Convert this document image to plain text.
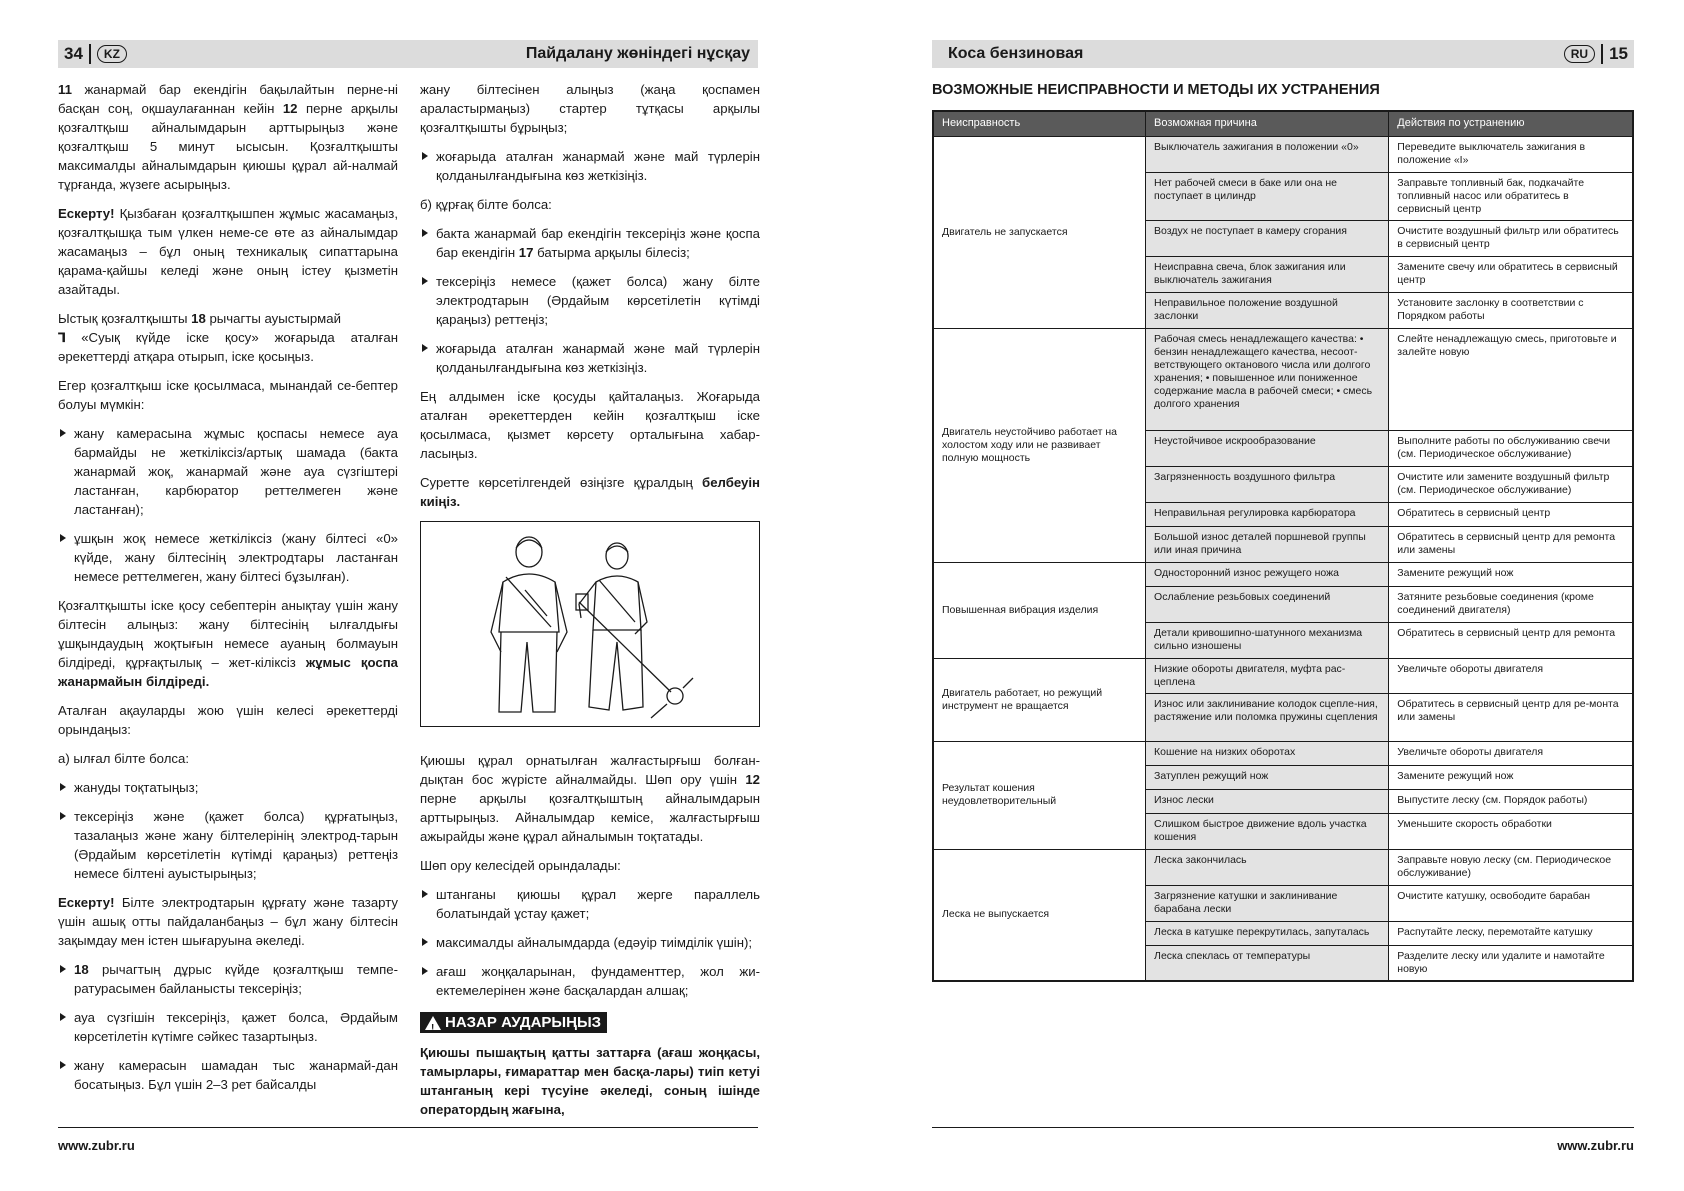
34	KZ	Пайдалану жөніндегі нұсқау

11 жанармай бар екендігін бақылайтын перне-ні басқан соң, оқшаулағаннан кейін 12 перне арқылы қозғалтқыш айналымдарын арттырыңыз және қозғалтқыш 5 минут ысысын. Қозғалтқышты максималды айналымдарын қиюшы құрал ай-налмай тұрғанда, жүзеге асырыңыз.

Ескерту! Қызбаған қозғалтқышпен жұмыс жасамаңыз, қозғалтқышқа тым үлкен неме-се өте аз айналымдар жасамаңыз – бұл оның техникалық сипаттарына қарама-қайшы келеді және оның істеу қызметін азайтады.

Ыстық қозғалтқышты 18 рычагты ауыстырмай
⅂ «Суық күйде іске қосу» жоғарыда аталған әрекеттерді атқара отырып, іске қосыңыз.

Егер қозғалтқыш іске қосылмаса, мынандай се-бептер болуы мүмкін:

жану камерасына жұмыс қоспасы немесе ауа бармайды не жеткіліксіз/артық шамада (бакта жанармай жоқ, жанармай және ауа сүзгіштері ластанған, карбюратор реттелмеген және ластанған);
ұшқын жоқ немесе жеткіліксіз (жану білтесі «0» күйде, жану білтесінің электродтары ластанған немесе реттелмеген, жану білтесі бұзылған).

Қозғалтқышты іске қосу себептерін анықтау үшін жану білтесін алыңыз: жану білтесінің ылғалдығы ұшқындаудың жоқтығын немесе ауаның болмауын білдіреді, құрғақтылық – жет-кіліксіз жұмыс қоспа жанармайын білдіреді.

Аталған ақауларды жою үшін келесі әрекеттерді орындаңыз:

а) ылғал білте болса:

жануды тоқтатыңыз;
тексеріңіз және (қажет болса) құрғатыңыз, тазалаңыз және жану білтелерінің электрод-тарын (Әрдайым көрсетілетін күтімді қараңыз) реттеңіз немесе білтені ауыстырыңыз;

Ескерту! Білте электродтарын құрғату және тазарту үшін ашық отты пайдаланбаңыз – бұл жану білтесін зақымдау мен істен шығаруына әкеледі.

18 рычагтың дұрыс күйде қозғалтқыш темпе-ратурасымен байланысты тексеріңіз;
ауа сүзгішін тексеріңіз, қажет болса, Әрдайым көрсетілетін күтімге сәйкес тазартыңыз.
жану камерасын шамадан тыс жанармай-дан босатыңыз. Бұл үшін 2–3 рет байсалды

жану білтесінен алыңыз (жаңа қоспамен араластырмаңыз) стартер тұтқасы арқылы қозғалтқышты бұрыңыз;

жоғарыда аталған жанармай және май түрлерін қолданылғандығына көз жеткізіңіз.

б) құрғақ білте болса:

бакта жанармай бар екендігін тексеріңіз және қоспа бар екендігін 17 батырма арқылы білесіз;
тексеріңіз немесе (қажет болса) жану білте электродтарын (Әрдайым көрсетілетін күтімді қараңыз) реттеңіз;
жоғарыда аталған жанармай және май түрлерін қолданылғандығына көз жеткізіңіз.

Ең алдымен іске қосуды қайталаңыз. Жоғарыда аталған әрекеттерден кейін қозғалтқыш іске қосылмаса, қызмет көрсету орталығына хабар-ласыңыз.

Суретте көрсетілгендей өзіңізге құралдың белбеуін киіңіз.

Қиюшы құрал орнатылған жалғастырғыш болған-дықтан бос жүрісте айналмайды. Шөп ору үшін 12 перне арқылы қозғалтқыштың айналымдарын арттырыңыз. Айналымдар кемісе, жалғастырғыш ажырайды және құрал айналымын тоқтатады.

Шөп ору келесідей орындалады:

штанганы қиюшы құрал жерге параллель болатындай ұстау қажет;
максималды айналымдарда (едәуір тиімділік үшін);
ағаш жоңқаларынан, фундаменттер, жол жи-ектемелерінен және басқалардан алшақ;
! НАЗАР АУДАРЫҢЫЗ

Қиюшы пышақтың қатты заттарға (ағаш жоңқасы, тамырлары, ғимараттар мен басқа-лары) тиіп кетуі штанганың кері түсуіне әкеледі, соның ішінде оператордың жағына,

www.zubr.ru
Коса бензиновая	RU	15
ВОЗМОЖНЫЕ НЕИСПРАВНОСТИ И МЕТОДЫ ИХ УСТРАНЕНИЯ
Неисправность	Возможная причина	Действия по устранению
Двигатель не запускается	Выключатель зажигания в положении «0»	Переведите выключатель зажигания в положение «I»
	Нет рабочей смеси в баке или она не поступает в цилиндр	Заправьте топливный бак, подкачайте топливный насос или обратитесь в сервисный центр
	Воздух не поступает в камеру сгорания	Очистите воздушный фильтр или обратитесь в сервисный центр
	Неисправна свеча, блок зажигания или выключатель зажигания	Замените свечу или обратитесь в сервисный центр
	Неправильное положение воздушной заслонки	Установите заслонку в соответствии с Порядком работы
Двигатель неустойчиво работает на холостом ходу или не развивает полную мощность	Рабочая смесь ненадлежащего качества: • бензин ненадлежащего качества, несоот-ветствующего октанового числа или долгого хранения; • повышенное или пониженное содержание масла в рабочей смеси; • смесь долгого хранения	Слейте ненадлежащую смесь, приготовьте и залейте новую
	Неустойчивое искрообразование	Выполните работы по обслуживанию свечи (см. Периодическое обслуживание)
	Загрязненность воздушного фильтра	Очистите или замените воздушный фильтр (см. Периодическое обслуживание)
	Неправильная регулировка карбюратора	Обратитесь в сервисный центр
	Большой износ деталей поршневой группы или иная причина	Обратитесь в сервисный центр для ремонта или замены
Повышенная вибрация изделия	Односторонний износ режущего ножа	Замените режущий нож
	Ослабление резьбовых соединений	Затяните резьбовые соединения (кроме соединений двигателя)
	Детали кривошипно-шатунного механизма сильно изношены	Обратитесь в сервисный центр для ремонта
Двигатель работает, но режущий инструмент не вращается	Низкие обороты двигателя, муфта рас-цеплена	Увеличьте обороты двигателя
	Износ или заклинивание колодок сцепле-ния, растяжение или поломка пружины сцепления	Обратитесь в сервисный центр для ре-монта или замены
Результат кошения неудовлетворительный	Кошение на низких оборотах	Увеличьте обороты двигателя
	Затуплен режущий нож	Замените режущий нож
	Износ лески	Выпустите леску (см. Порядок работы)
	Слишком быстрое движение вдоль участка кошения	Уменьшите скорость обработки
Леска не выпускается	Леска закончилась	Заправьте новую леску (см. Периодическое обслуживание)
	Загрязнение катушки и заклинивание барабана лески	Очистите катушку, освободите барабан
	Леска в катушке перекрутилась, запуталась	Распутайте леску, перемотайте катушку
	Леска спеклась от температуры	Разделите леску или удалите и намотайте новую
www.zubr.ru
